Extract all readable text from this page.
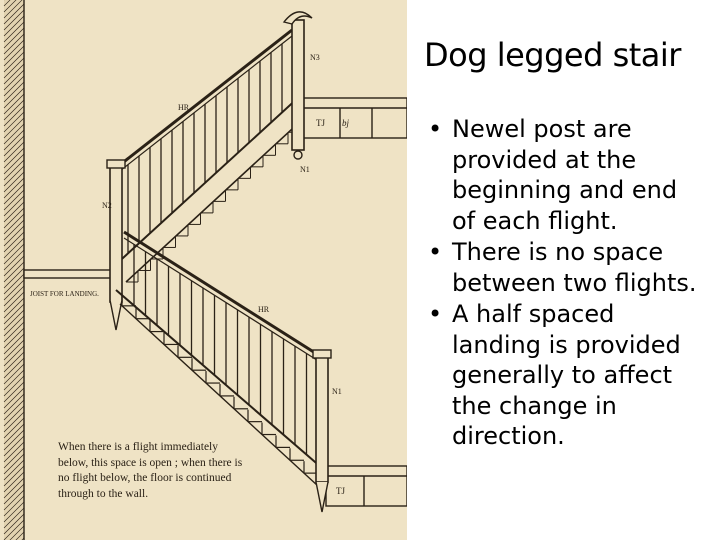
JOIST FOR LANDING.
N3
N1
N2
N1
HR
HR
TJ bj
TJ
When there is a flight immediately
below, this space is open ; when there is
no flight below, the floor is continued
through to the wall.
Dog legged stair
• Newel post are
provided at the
beginning and end
of each flight.
• There is no space
between two flights.
• A half spaced
landing is provided
generally to affect
the change in
direction.
